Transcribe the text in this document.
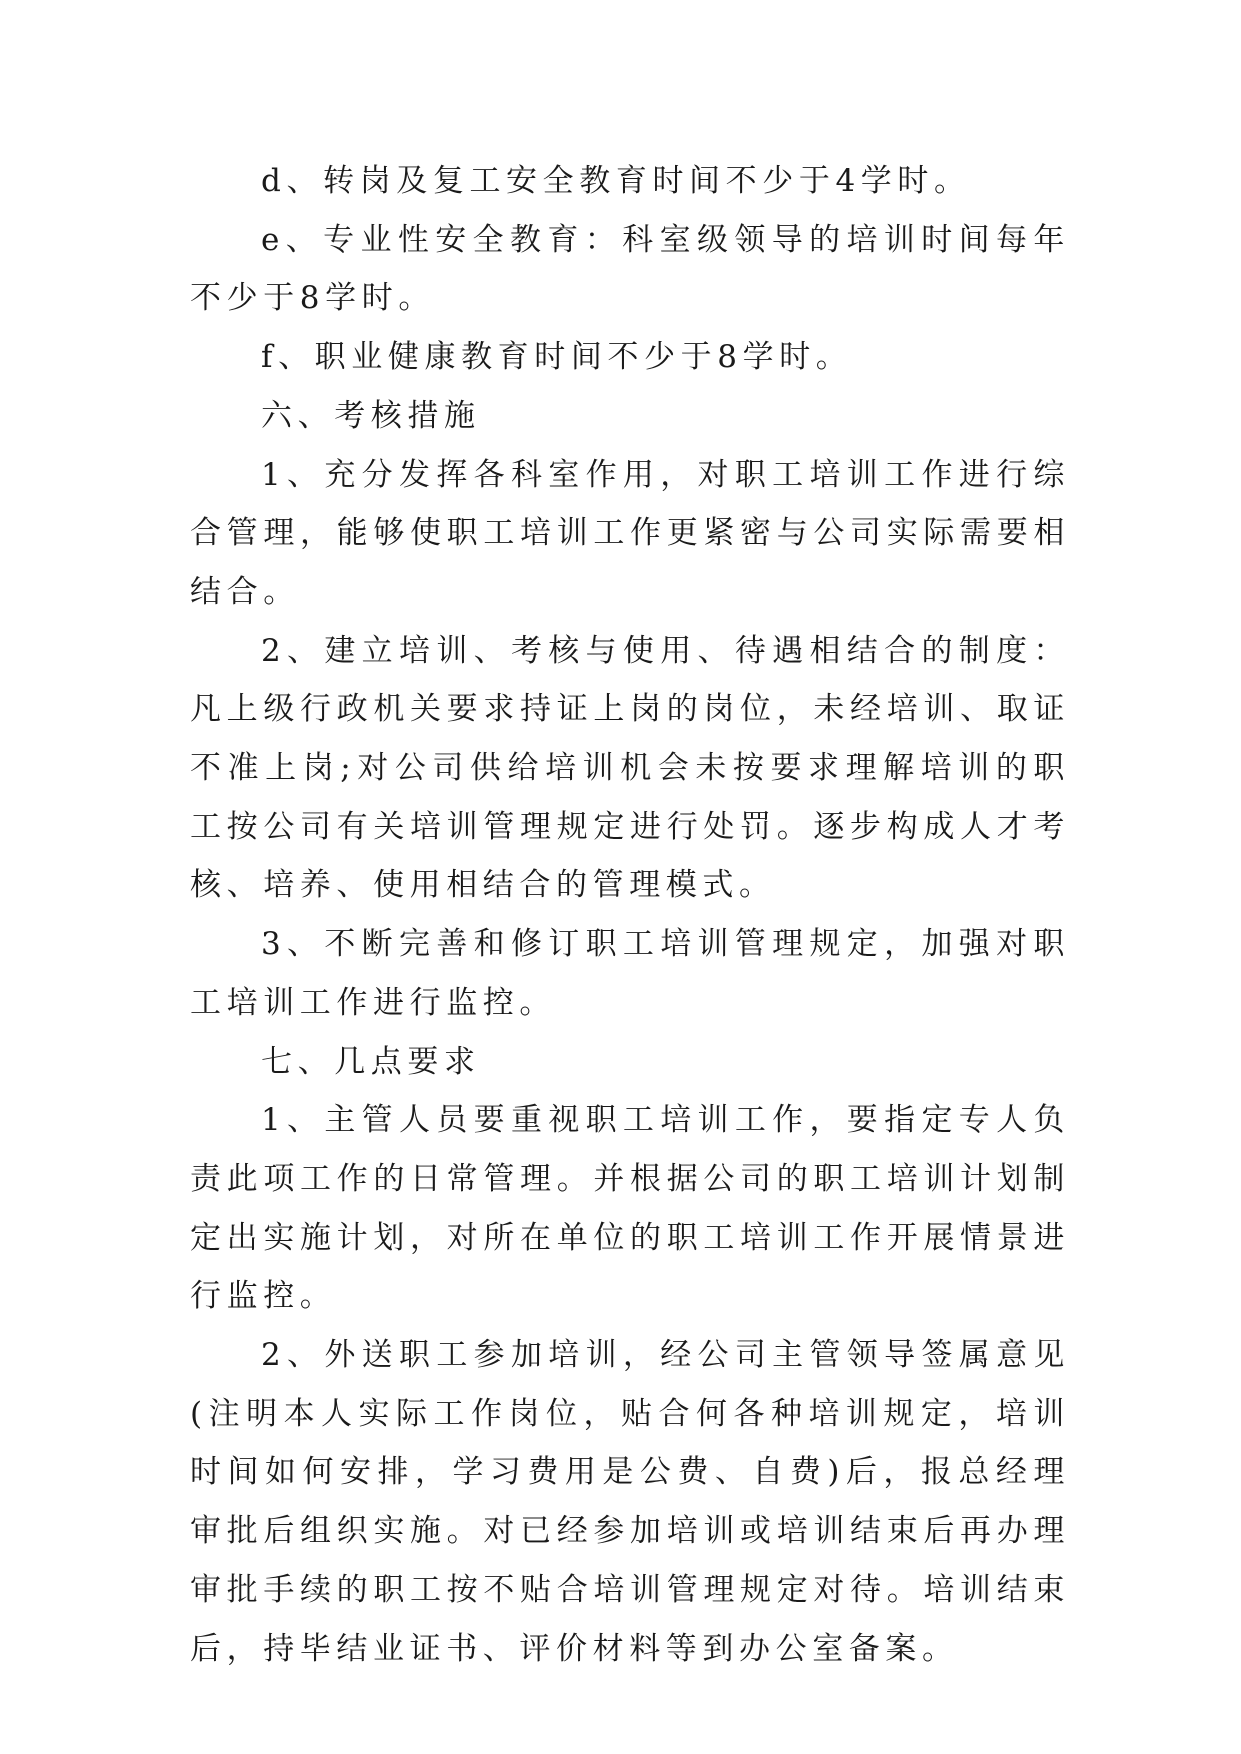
d、转岗及复工安全教育时间不少于4学时。

e、专业性安全教育：科室级领导的培训时间每年不少于8学时。

f、职业健康教育时间不少于8学时。

六、考核措施

1、充分发挥各科室作用，对职工培训工作进行综合管理，能够使职工培训工作更紧密与公司实际需要相结合。

2、建立培训、考核与使用、待遇相结合的制度：凡上级行政机关要求持证上岗的岗位，未经培训、取证不准上岗;对公司供给培训机会未按要求理解培训的职工按公司有关培训管理规定进行处罚。逐步构成人才考核、培养、使用相结合的管理模式。

3、不断完善和修订职工培训管理规定，加强对职工培训工作进行监控。

七、几点要求

1、主管人员要重视职工培训工作，要指定专人负责此项工作的日常管理。并根据公司的职工培训计划制定出实施计划，对所在单位的职工培训工作开展情景进行监控。

2、外送职工参加培训，经公司主管领导签属意见(注明本人实际工作岗位，贴合何各种培训规定，培训时间如何安排，学习费用是公费、自费)后，报总经理审批后组织实施。对已经参加培训或培训结束后再办理审批手续的职工按不贴合培训管理规定对待。培训结束后，持毕结业证书、评价材料等到办公室备案。
